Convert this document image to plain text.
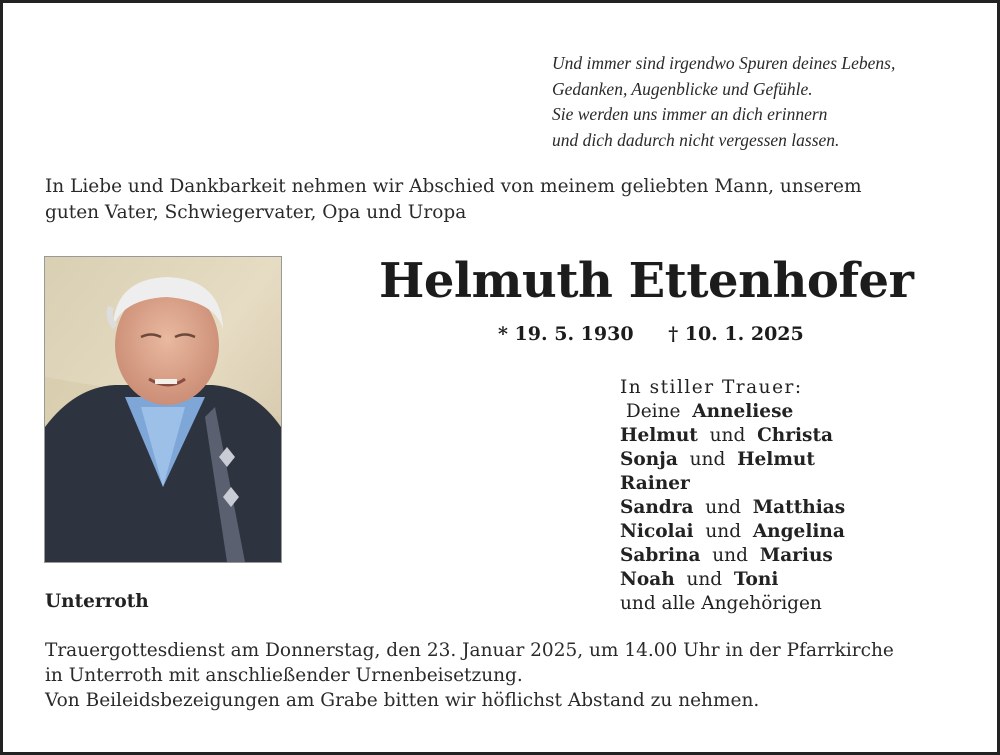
Und immer sind irgendwo Spuren deines Lebens,
Gedanken, Augenblicke und Gefühle.
Sie werden uns immer an dich erinnern
und dich dadurch nicht vergessen lassen.
In Liebe und Dankbarkeit nehmen wir Abschied von meinem geliebten Mann, unserem
guten Vater, Schwiegervater, Opa und Uropa
Helmuth Ettenhofer
* 19. 5. 1930 † 10. 1. 2025
In stiller Trauer:
Deine  Anneliese
Helmut  und  Christa
Sonja  und  Helmut
Rainer
Sandra  und  Matthias
Nicolai  und  Angelina
Sabrina  und  Marius
Noah  und  Toni
und alle Angehörigen
Unterroth
Trauergottesdienst am Donnerstag, den 23. Januar 2025, um 14.00 Uhr in der Pfarrkirche
in Unterroth mit anschließender Urnenbeisetzung.
Von Beileidsbezeigungen am Grabe bitten wir höflichst Abstand zu nehmen.
